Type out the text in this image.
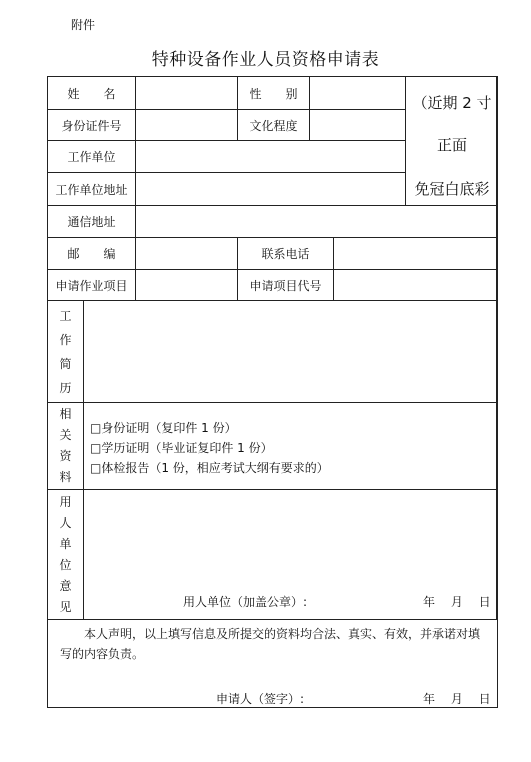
附件
特种设备作业人员资格申请表
姓　　名	性　　别
身份证件号	文化程度
工作单位
工作单位地址
（近期 2 寸
正面
免冠白底彩
通信地址
邮　　编	联系电话
申请作业项目	申请项目代号
工作简历
相关资料
□身份证明（复印件 1 份）
□学历证明（毕业证复印件 1 份）
□体检报告（1 份，相应考试大纲有要求的）
用人单位意见	用人单位（加盖公章）:	年　 月　 日
　　本人声明，以上填写信息及所提交的资料均合法、真实、有效，并承诺对填写的内容负责。
申请人（签字）:	年　 月　 日
